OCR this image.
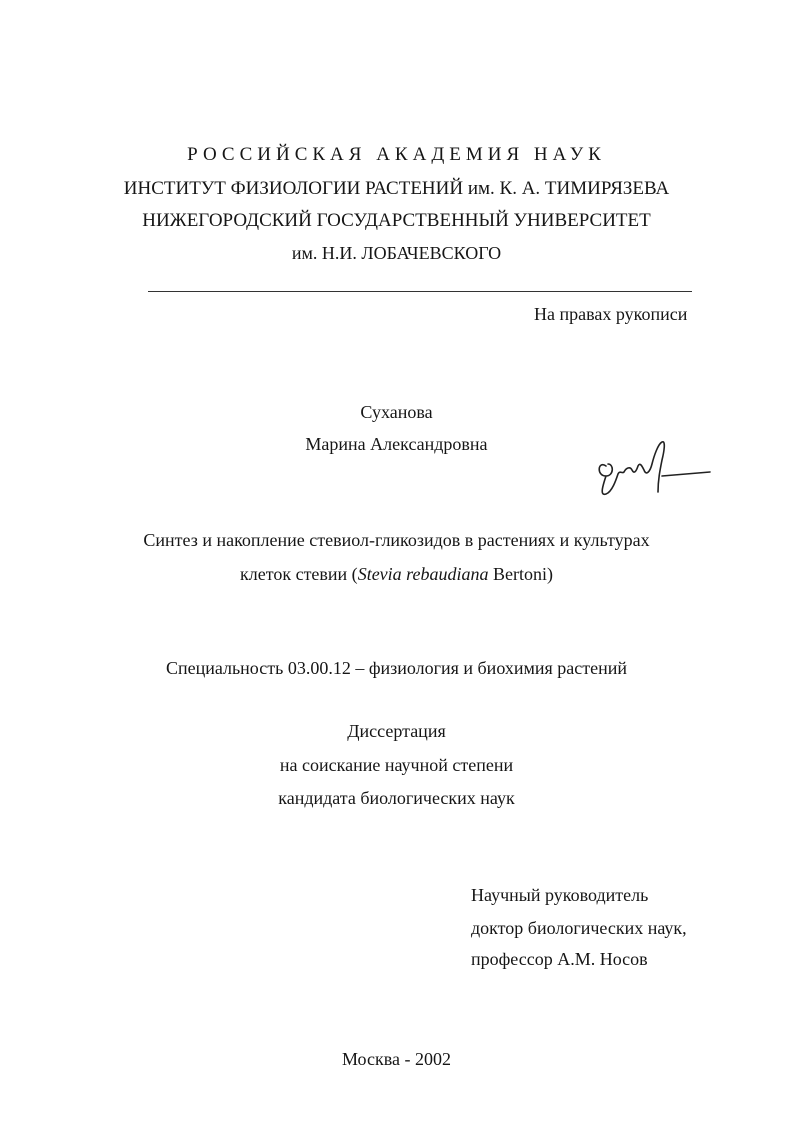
РОССИЙСКАЯ АКАДЕМИЯ НАУК
ИНСТИТУТ ФИЗИОЛОГИИ РАСТЕНИЙ им. К. А. ТИМИРЯЗЕВА
НИЖЕГОРОДСКИЙ ГОСУДАРСТВЕННЫЙ УНИВЕРСИТЕТ
им. Н.И. ЛОБАЧЕВСКОГО
На правах рукописи
Суханова
Марина Александровна
Синтез и накопление стевиол-гликозидов в растениях и культурах
клеток стевии (Stevia rebaudiana Bertoni)
Специальность 03.00.12 – физиология и биохимия растений
Диссертация
на соискание научной степени
кандидата биологических наук
Научный руководитель
доктор биологических наук,
профессор А.М. Носов
Москва - 2002
